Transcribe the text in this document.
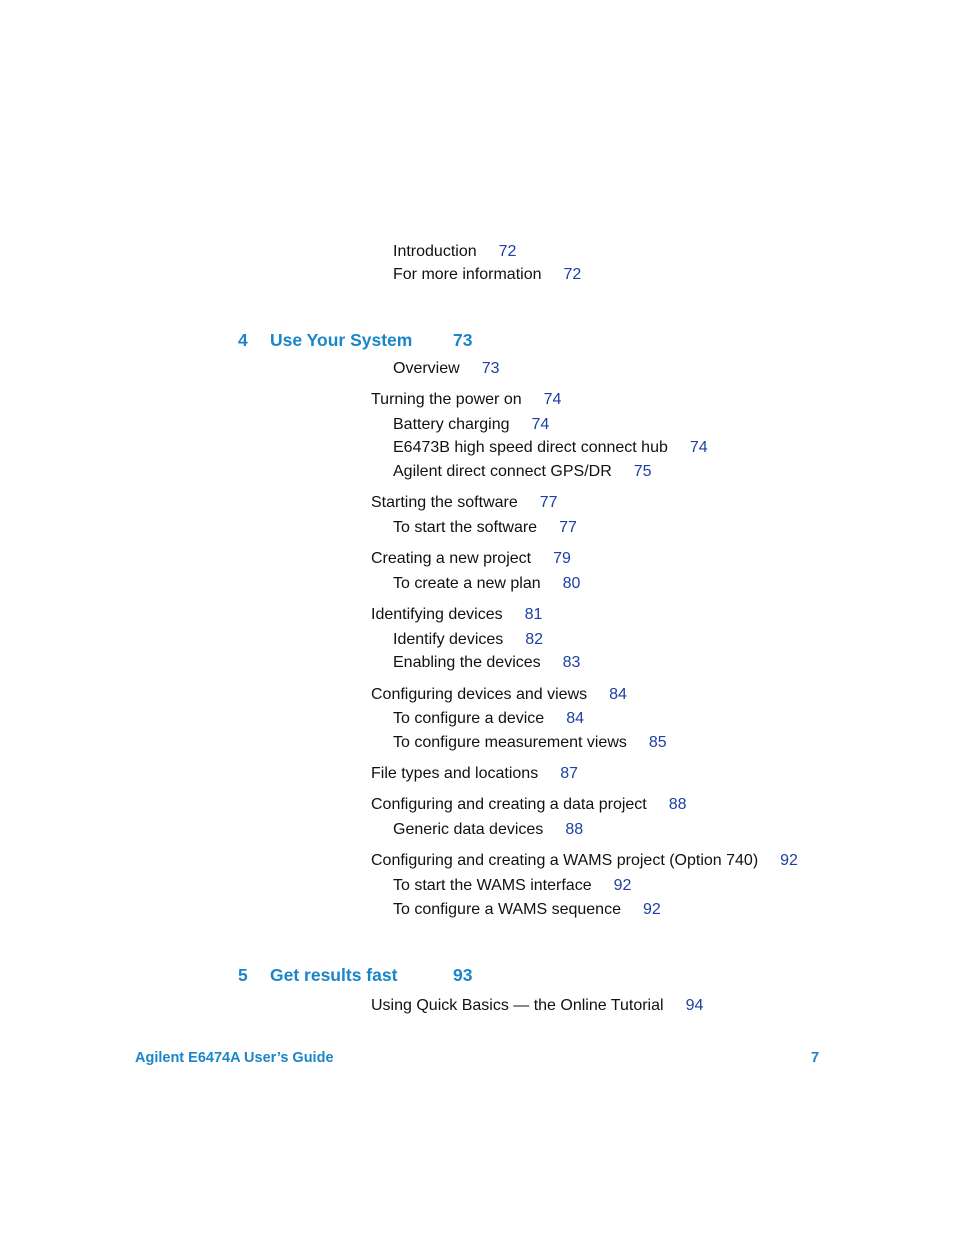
Introduction 72
For more information 72
4 Use Your System 73
Overview 73
Turning the power on 74
Battery charging 74
E6473B high speed direct connect hub 74
Agilent direct connect GPS/DR 75
Starting the software 77
To start the software 77
Creating a new project 79
To create a new plan 80
Identifying devices 81
Identify devices 82
Enabling the devices 83
Configuring devices and views 84
To configure a device 84
To configure measurement views 85
File types and locations 87
Configuring and creating a data project 88
Generic data devices 88
Configuring and creating a WAMS project (Option 740) 92
To start the WAMS interface 92
To configure a WAMS sequence 92
5 Get results fast	93
Using Quick Basics — the Online Tutorial 94
Agilent E6474A User’s Guide	7
